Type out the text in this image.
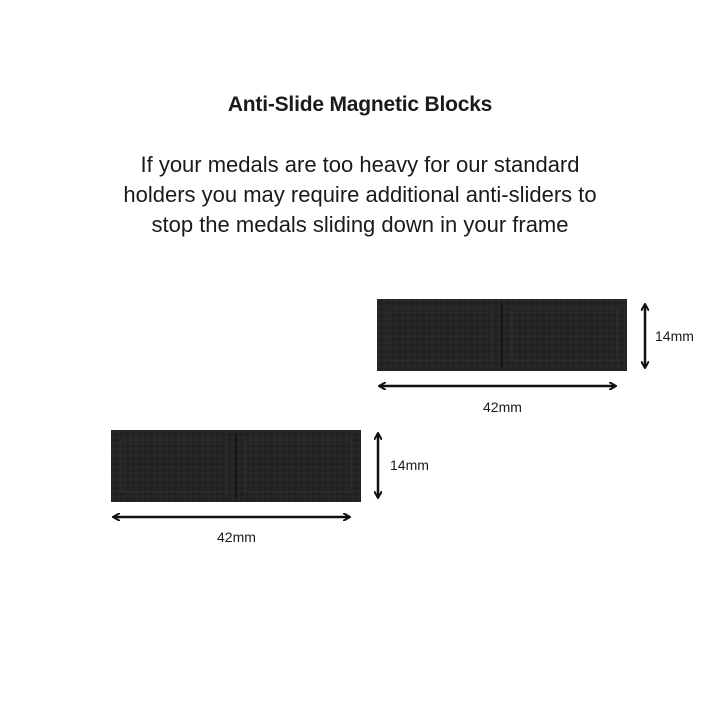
Anti-Slide Magnetic Blocks
If your medals are too heavy for our standard
holders you may require additional anti-sliders to
stop the medals sliding down in your frame
14mm
42mm
14mm
42mm
